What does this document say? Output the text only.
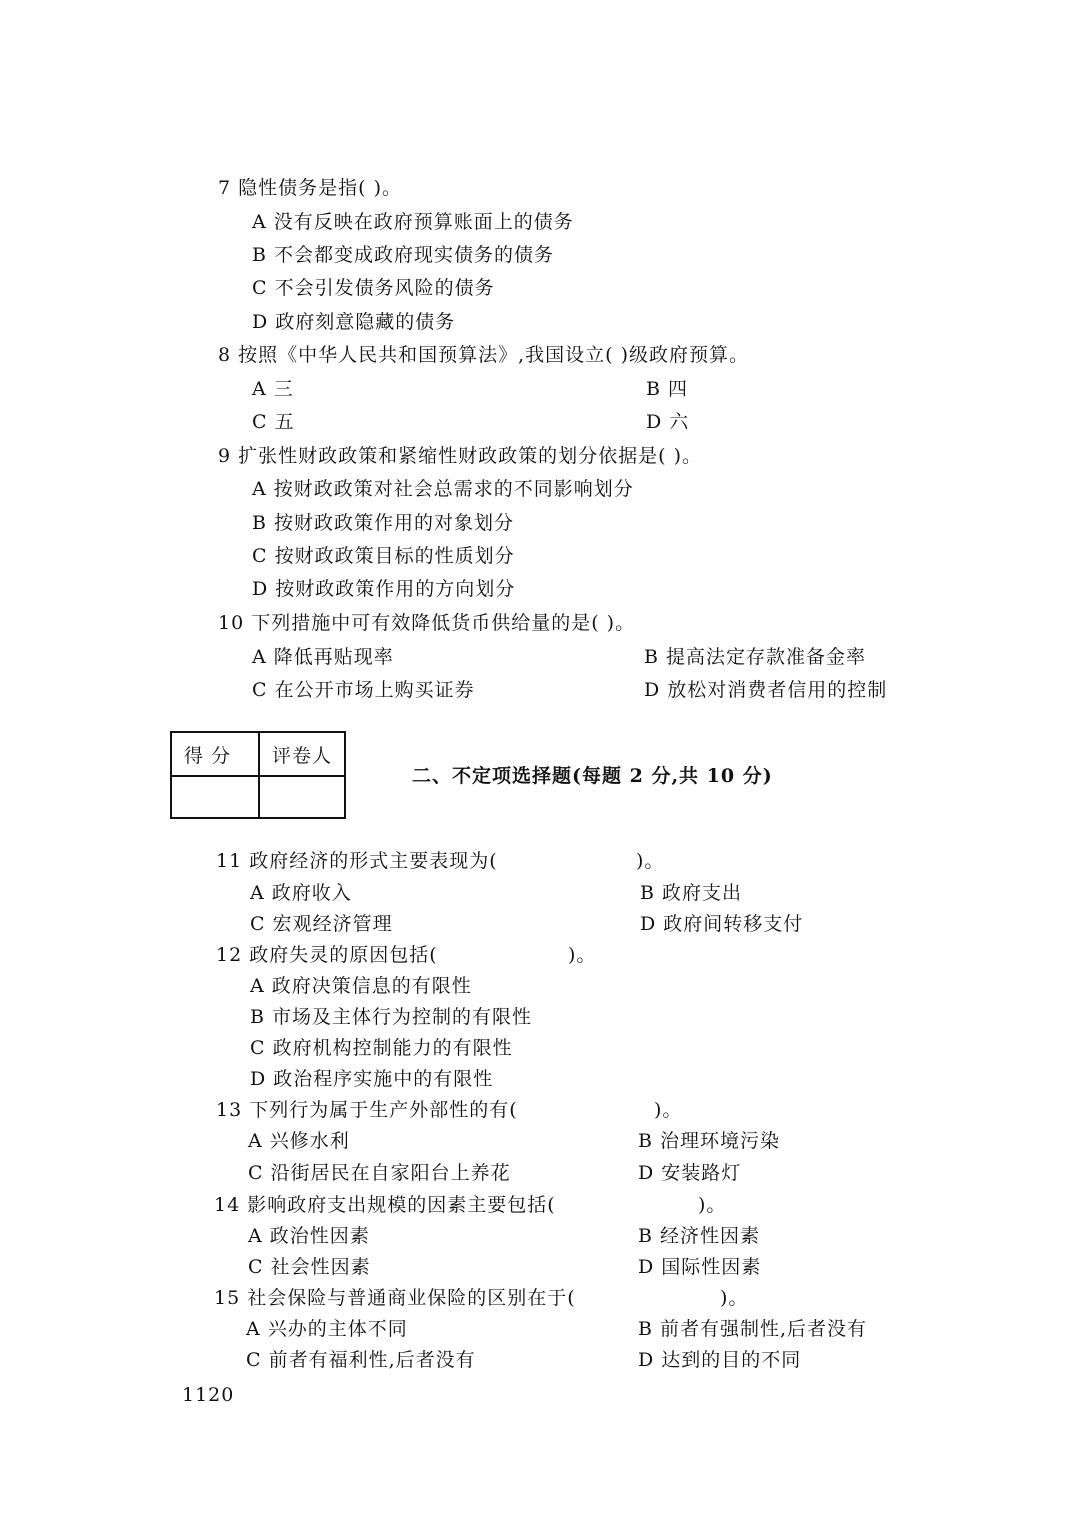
7 隐性债务是指( )。
A 没有反映在政府预算账面上的债务
B 不会都变成政府现实债务的债务
C 不会引发债务风险的债务
D 政府刻意隐藏的债务
8 按照《中华人民共和国预算法》,我国设立( )级政府预算。
A 三	B 四
C 五	D 六
9 扩张性财政政策和紧缩性财政政策的划分依据是( )。
A 按财政政策对社会总需求的不同影响划分
B 按财政政策作用的对象划分
C 按财政政策目标的性质划分
D 按财政政策作用的方向划分
10 下列措施中可有效降低货币供给量的是( )。
A 降低再贴现率	B 提高法定存款准备金率
C 在公开市场上购买证券	D 放松对消费者信用的控制
得 分 评卷人
二、不定项选择题(每题 2 分,共 10 分)
11 政府经济的形式主要表现为(	)。
A 政府收入	B 政府支出
C 宏观经济管理	D 政府间转移支付
12 政府失灵的原因包括(	)。
A 政府决策信息的有限性
B 市场及主体行为控制的有限性
C 政府机构控制能力的有限性
D 政治程序实施中的有限性
13 下列行为属于生产外部性的有(	)。
A 兴修水利	B 治理环境污染
C 沿街居民在自家阳台上养花	D 安装路灯
14 影响政府支出规模的因素主要包括(	)。
A 政治性因素	B 经济性因素
C 社会性因素	D 国际性因素
15 社会保险与普通商业保险的区别在于(	)。
A 兴办的主体不同	B 前者有强制性,后者没有
C 前者有福利性,后者没有	D 达到的目的不同
1120
